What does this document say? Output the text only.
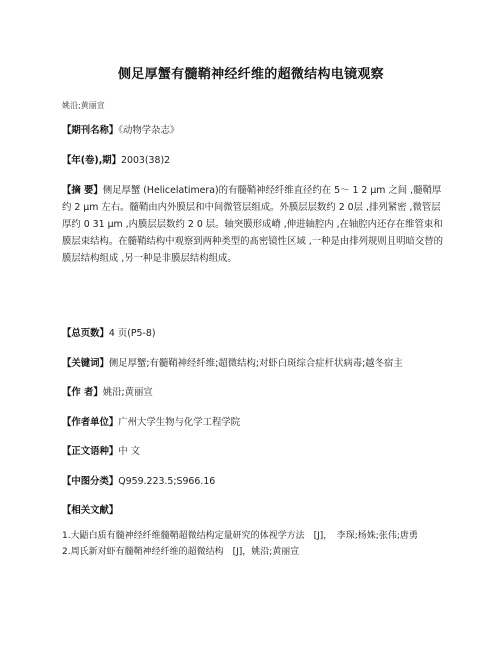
侧足厚蟹有髓鞘神经纤维的超微结构电镜观察
姚沿;黄丽宣
【期刊名称】《动物学杂志》
【年(卷),期】2003(38)2
【摘 要】侧足厚蟹 (Helicelatimera)的有髓鞘神经纤维直径约在 5～ 1 2 μm 之间 ,髓鞘厚约 2 μm 左右。髓鞘由内外膜层和中间微管层组成。外膜层层数约 2 0层 ,排列紧密 ,微管层厚约 0 31 μm ,内膜层层数约 2 0 层。轴突膜形成嵴 ,伸进轴腔内 ,在轴腔内还存在维管束和膜层束结构。在髓鞘结构中观察到两种类型的髙密镜性区域 ,一种是由排列规则且明暗交替的膜层结构组成 ,另一种是非膜层结构组成。
【总页数】4 页(P5-8)
【关键词】侧足厚蟹;有髓鞘神经纤维;超微结构;对虾白斑综合症杆状病毒;越冬宿主
【作 者】姚沿;黄丽宣
【作者单位】广州大学生物与化学工程学院
【正文语种】中 文
【中图分类】Q959.223.5;S966.16
【相关文献】

1.大鼯白质有髓神经纤维髓鞘超微结构定量研究的体视学方法　[J]，　李琛;杨姝;张伟;唐勇

2.周氏新对虾有髓鞘神经纤维的超微结构　[J]，姚沿;黄丽宣
